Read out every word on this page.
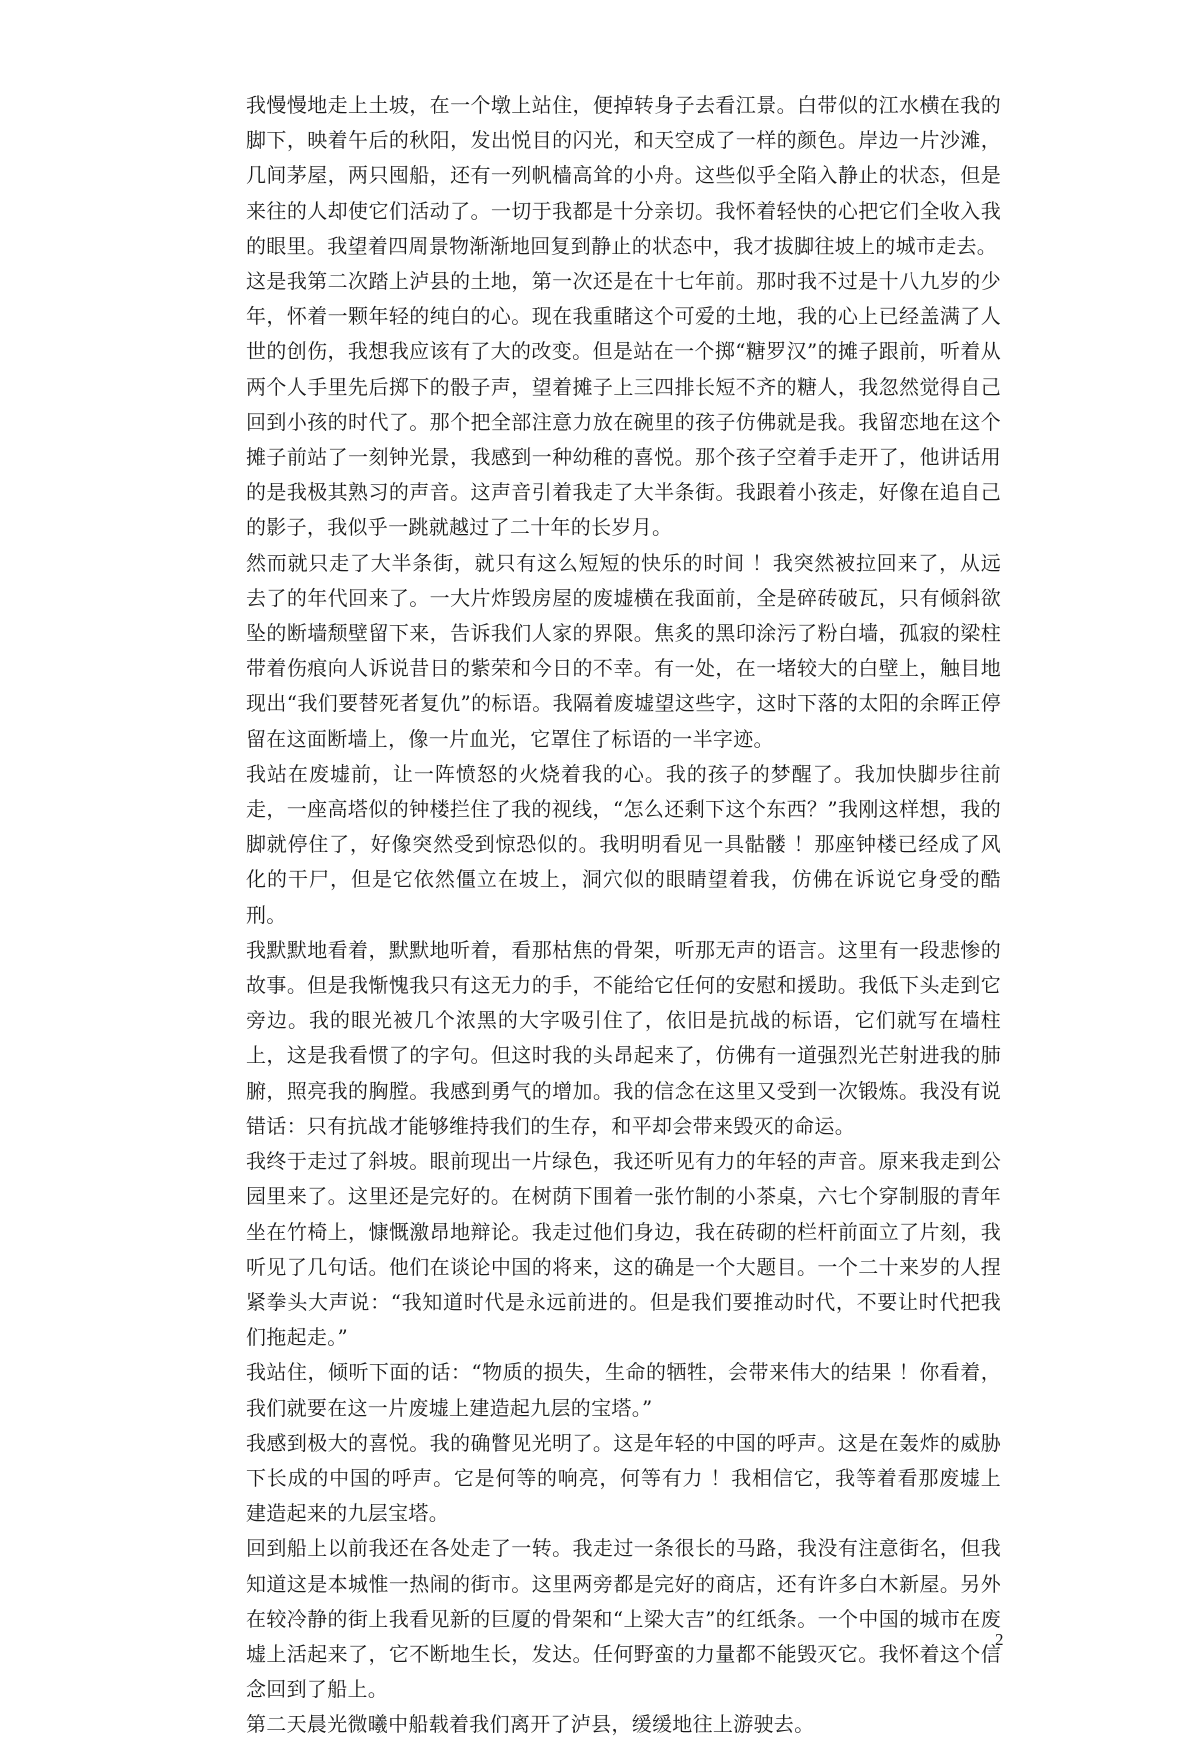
我慢慢地走上土坡，在一个墩上站住，便掉转身子去看江景。白带似的江水横在我的脚下，映着午后的秋阳，发出悦目的闪光，和天空成了一样的颜色。岸边一片沙滩，几间茅屋，两只囤船，还有一列帆樯高耸的小舟。这些似乎全陷入静止的状态，但是来往的人却使它们活动了。一切于我都是十分亲切。我怀着轻快的心把它们全收入我的眼里。我望着四周景物渐渐地回复到静止的状态中，我才拔脚往坡上的城市走去。

这是我第二次踏上泸县的土地，第一次还是在十七年前。那时我不过是十八九岁的少年，怀着一颗年轻的纯白的心。现在我重睹这个可爱的土地，我的心上已经盖满了人世的创伤，我想我应该有了大的改变。但是站在一个掷“糖罗汉”的摊子跟前，听着从两个人手里先后掷下的骰子声，望着摊子上三四排长短不齐的糖人，我忽然觉得自己回到小孩的时代了。那个把全部注意力放在碗里的孩子仿佛就是我。我留恋地在这个摊子前站了一刻钟光景，我感到一种幼稚的喜悦。那个孩子空着手走开了，他讲话用的是我极其熟习的声音。这声音引着我走了大半条街。我跟着小孩走，好像在追自己的影子，我似乎一跳就越过了二十年的长岁月。

然而就只走了大半条街，就只有这么短短的快乐的时间 ！我突然被拉回来了，从远去了的年代回来了。一大片炸毁房屋的废墟横在我面前，全是碎砖破瓦，只有倾斜欲坠的断墙颓壁留下来，告诉我们人家的界限。焦炙的黑印涂污了粉白墙，孤寂的梁柱带着伤痕向人诉说昔日的紫荣和今日的不幸。有一处，在一堵较大的白壁上，触目地现出“我们要替死者复仇”的标语。我隔着废墟望这些字，这时下落的太阳的余晖正停留在这面断墙上，像一片血光，它罩住了标语的一半字迹。

我站在废墟前，让一阵愤怒的火烧着我的心。我的孩子的梦醒了。我加快脚步往前走，一座高塔似的钟楼拦住了我的视线，“怎么还剩下这个东西？”我刚这样想，我的脚就停住了，好像突然受到惊恐似的。我明明看见一具骷髅 ！那座钟楼已经成了风化的干尸，但是它依然僵立在坡上，洞穴似的眼睛望着我，仿佛在诉说它身受的酷刑。

我默默地看着，默默地听着，看那枯焦的骨架，听那无声的语言。这里有一段悲惨的故事。但是我惭愧我只有这无力的手，不能给它任何的安慰和援助。我低下头走到它旁边。我的眼光被几个浓黑的大字吸引住了，依旧是抗战的标语，它们就写在墙柱上，这是我看惯了的字句。但这时我的头昂起来了，仿佛有一道强烈光芒射进我的肺腑，照亮我的胸膛。我感到勇气的增加。我的信念在这里又受到一次锻炼。我没有说错话：只有抗战才能够维持我们的生存，和平却会带来毁灭的命运。

我终于走过了斜坡。眼前现出一片绿色，我还听见有力的年轻的声音。原来我走到公园里来了。这里还是完好的。在树荫下围着一张竹制的小茶桌，六七个穿制服的青年坐在竹椅上，慷慨激昂地辩论。我走过他们身边，我在砖砌的栏杆前面立了片刻，我听见了几句话。他们在谈论中国的将来，这的确是一个大题目。一个二十来岁的人捏紧拳头大声说：“我知道时代是永远前进的。但是我们要推动时代，不要让时代把我们拖起走。”

我站住，倾听下面的话：“物质的损失，生命的牺牲，会带来伟大的结果 ！你看着，我们就要在这一片废墟上建造起九层的宝塔。”

我感到极大的喜悦。我的确瞥见光明了。这是年轻的中国的呼声。这是在轰炸的威胁下长成的中国的呼声。它是何等的响亮，何等有力 ！我相信它，我等着看那废墟上建造起来的九层宝塔。

回到船上以前我还在各处走了一转。我走过一条很长的马路，我没有注意街名，但我知道这是本城惟一热闹的街市。这里两旁都是完好的商店，还有许多白木新屋。另外在较冷静的街上我看见新的巨厦的骨架和“上梁大吉”的红纸条。一个中国的城市在废墟上活起来了，它不断地生长，发达。任何野蛮的力量都不能毁灭它。我怀着这个信念回到了船上。

第二天晨光微曦中船载着我们离开了泸县，缓缓地往上游驶去。

2
